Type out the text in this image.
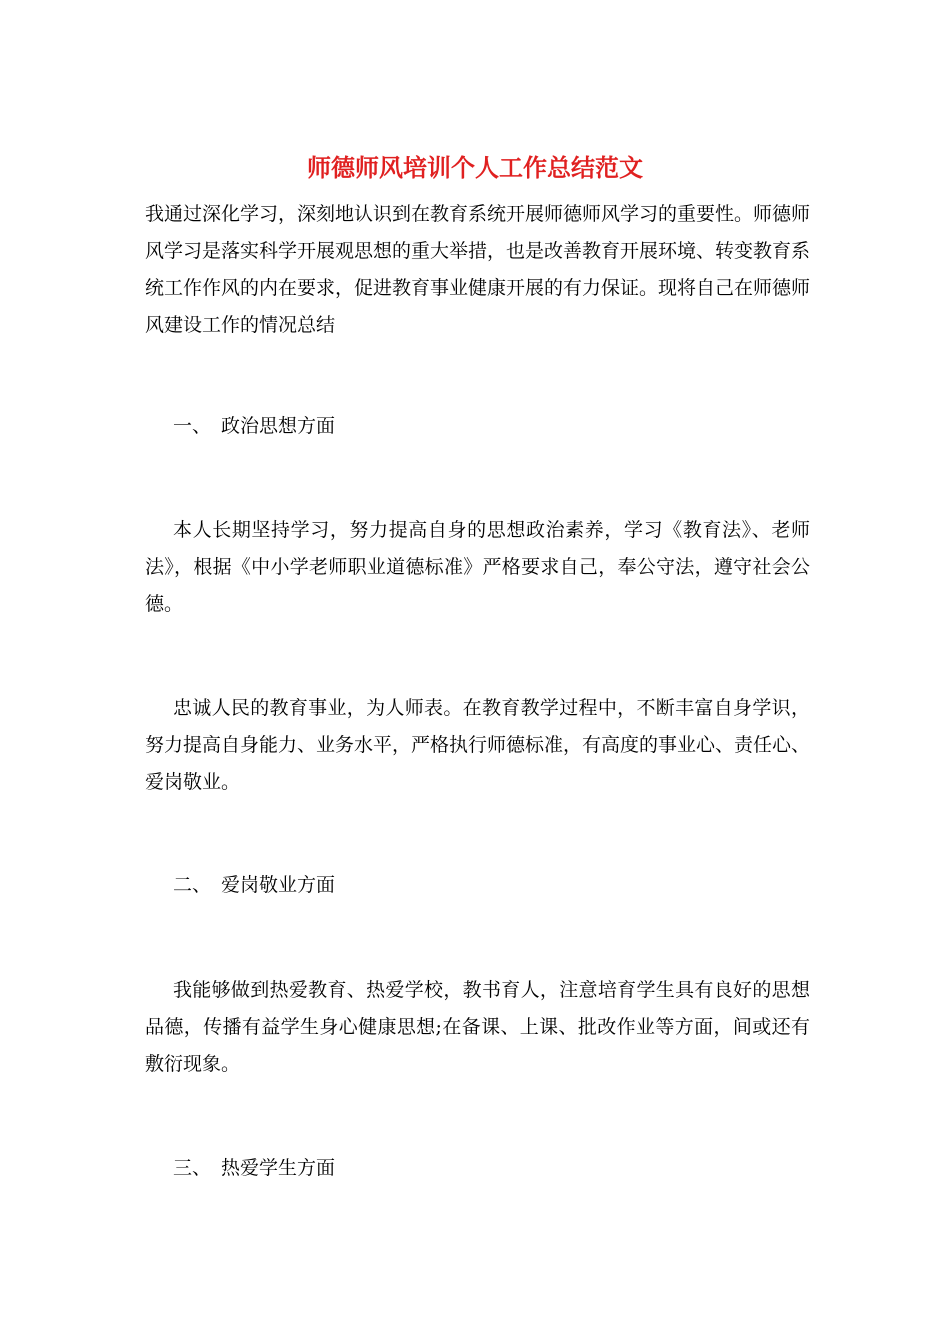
师德师风培训个人工作总结范文

我通过深化学习，深刻地认识到在教育系统开展师德师风学习的重要性。师德师风学习是落实科学开展观思想的重大举措，也是改善教育开展环境、转变教育系统工作作风的内在要求，促进教育事业健康开展的有力保证。现将自己在师德师风建设工作的情况总结

一、 政治思想方面

本人长期坚持学习，努力提高自身的思想政治素养，学习《教育法》、老师法》，根据《中小学老师职业道德标准》严格要求自己，奉公守法，遵守社会公德。

忠诚人民的教育事业，为人师表。在教育教学过程中，不断丰富自身学识，努力提高自身能力、业务水平，严格执行师德标准，有高度的事业心、责任心、爱岗敬业。

二、 爱岗敬业方面

我能够做到热爱教育、热爱学校，教书育人，注意培育学生具有良好的思想品德，传播有益学生身心健康思想;在备课、上课、批改作业等方面，间或还有敷衍现象。

三、 热爱学生方面
